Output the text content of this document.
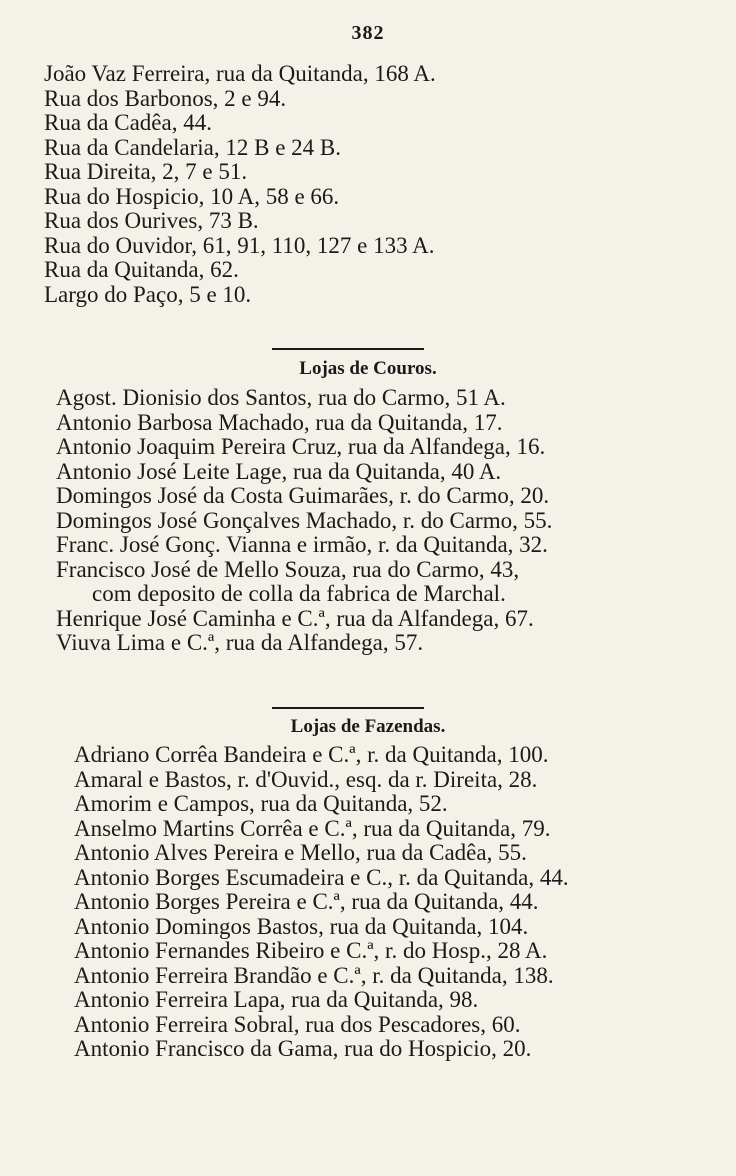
382
João Vaz Ferreira, rua da Quitanda, 168 A.
Rua dos Barbonos, 2 e 94.
Rua da Cadêa, 44.
Rua da Candelaria, 12 B e 24 B.
Rua Direita, 2, 7 e 51.
Rua do Hospicio, 10 A, 58 e 66.
Rua dos Ourives, 73 B.
Rua do Ouvidor, 61, 91, 110, 127 e 133 A.
Rua da Quitanda, 62.
Largo do Paço, 5 e 10.
Lojas de Couros.
Agost. Dionisio dos Santos, rua do Carmo, 51 A.
Antonio Barbosa Machado, rua da Quitanda, 17.
Antonio Joaquim Pereira Cruz, rua da Alfandega, 16.
Antonio José Leite Lage, rua da Quitanda, 40 A.
Domingos José da Costa Guimarães, r. do Carmo, 20.
Domingos José Gonçalves Machado, r. do Carmo, 55.
Franc. José Gonç. Vianna e irmão, r. da Quitanda, 32.
Francisco José de Mello Souza, rua do Carmo, 43,
com deposito de colla da fabrica de Marchal.
Henrique José Caminha e C.ª, rua da Alfandega, 67.
Viuva Lima e C.ª, rua da Alfandega, 57.
Lojas de Fazendas.
Adriano Corrêa Bandeira e C.ª, r. da Quitanda, 100.
Amaral e Bastos, r. d'Ouvid., esq. da r. Direita, 28.
Amorim e Campos, rua da Quitanda, 52.
Anselmo Martins Corrêa e C.ª, rua da Quitanda, 79.
Antonio Alves Pereira e Mello, rua da Cadêa, 55.
Antonio Borges Escumadeira e C., r. da Quitanda, 44.
Antonio Borges Pereira e C.ª, rua da Quitanda, 44.
Antonio Domingos Bastos, rua da Quitanda, 104.
Antonio Fernandes Ribeiro e C.ª, r. do Hosp., 28 A.
Antonio Ferreira Brandão e C.ª, r. da Quitanda, 138.
Antonio Ferreira Lapa, rua da Quitanda, 98.
Antonio Ferreira Sobral, rua dos Pescadores, 60.
Antonio Francisco da Gama, rua do Hospicio, 20.
